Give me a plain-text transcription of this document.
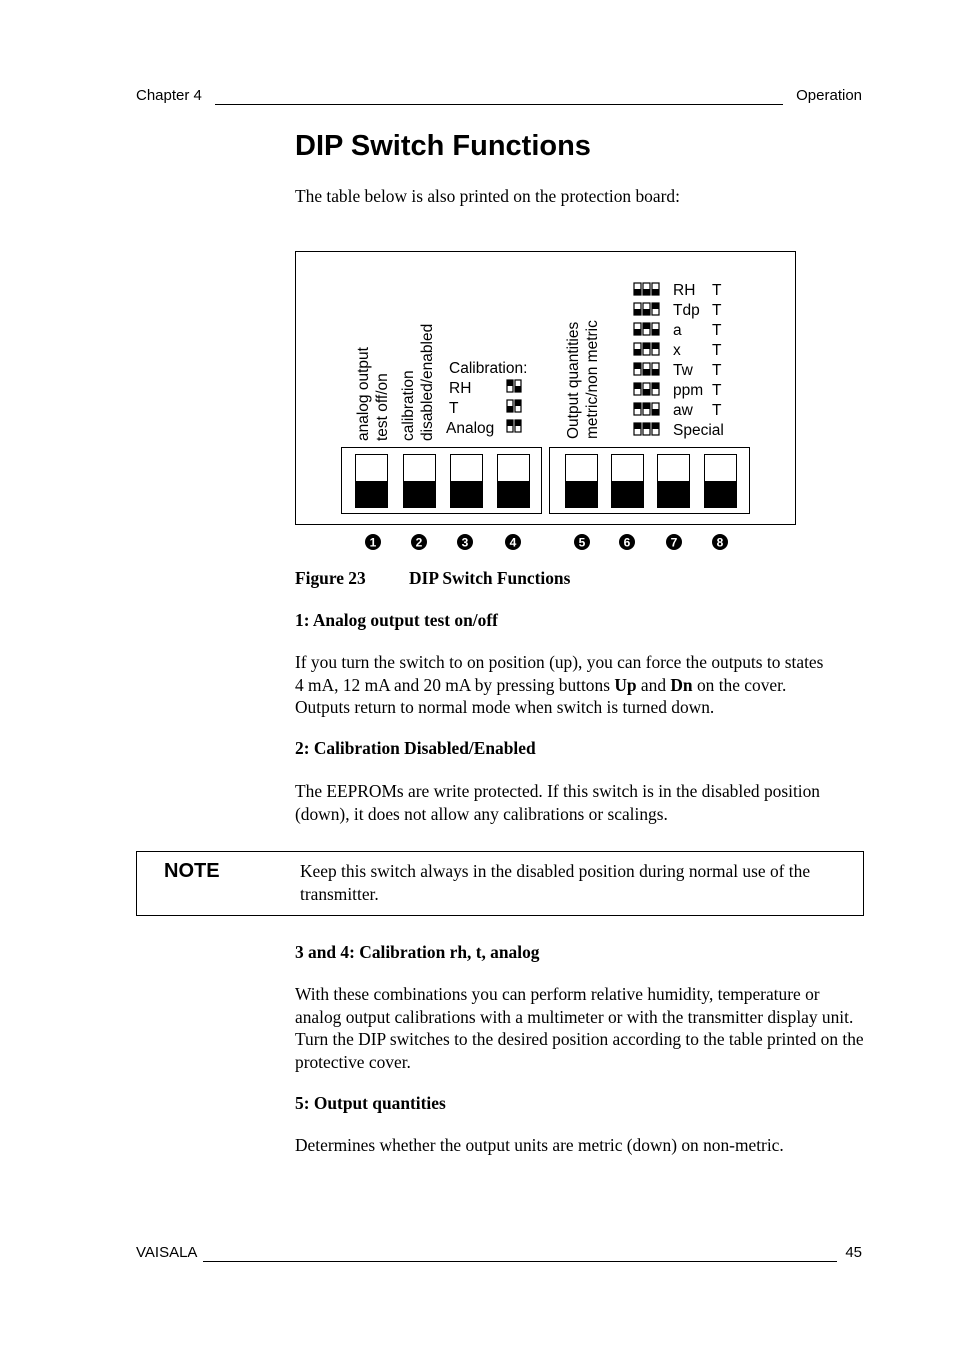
Chapter 4	Operation
DIP Switch Functions
The table below is also printed on the protection board:
analog output test off/on calibration disabled/enabled Calibration:
RH
T
Analog	Output quantities metric/non metric
RH T
Tdp T
a T
x T
Tw T
ppm T
aw T
Special
1	2	3	4	5	6	7	8
Figure 23 DIP Switch Functions
1: Analog output test on/off
If you turn the switch to on position (up), you can force the outputs to states
4 mA, 12 mA and 20 mA by pressing buttons Up and Dn on the cover.
Outputs return to normal mode when switch is turned down.
2: Calibration Disabled/Enabled
The EEPROMs are write protected. If this switch is in the disabled position (down), it does not allow any calibrations or scalings.
NOTE	Keep this switch always in the disabled position during normal use of the transmitter.
3 and 4: Calibration rh, t, analog
With these combinations you can perform relative humidity, temperature or analog output calibrations with a multimeter or with the transmitter display unit. Turn the DIP switches to the desired position according to the table printed on the protective cover.
5: Output quantities
Determines whether the output units are metric (down) on non-metric.
VAISALA	45
